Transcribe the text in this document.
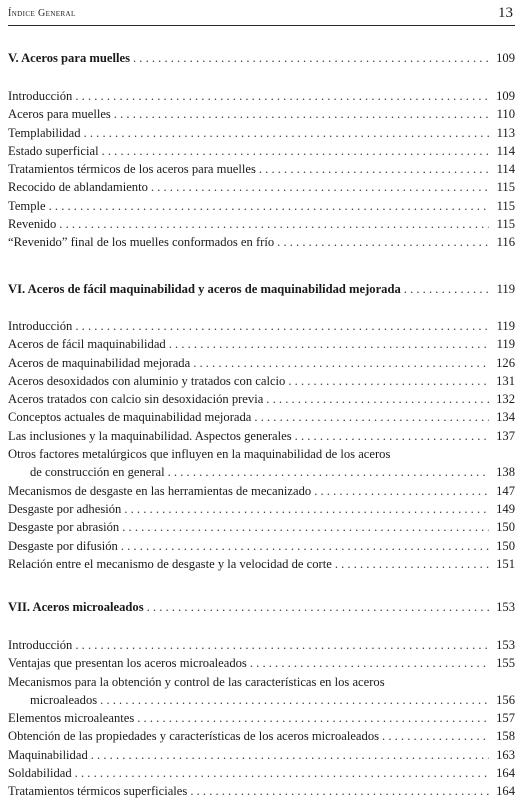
Índice General	13
V. Aceros para muelles . . .	109
Introducción . . .	109
Aceros para muelles . . .	110
Templabilidad . . .	113
Estado superficial . . .	114
Tratamientos térmicos de los aceros para muelles . . .	114
Recocido de ablandamiento . . .	115
Temple . . .	115
Revenido . . .	115
“Revenido” final de los muelles conformados en frío . . .	116
VI. Aceros de fácil maquinabilidad y aceros de maquinabilidad mejorada . . .	119
Introducción . . .	119
Aceros de fácil maquinabilidad . . .	119
Aceros de maquinabilidad mejorada . . .	126
Aceros desoxidados con aluminio y tratados con calcio . . .	131
Aceros tratados con calcio sin desoxidación previa . . .	132
Conceptos actuales de maquinabilidad mejorada . . .	134
Las inclusiones y la maquinabilidad. Aspectos generales . . .	137
Otros factores metalúrgicos que influyen en la maquinabilidad de los aceros
de construcción en general . . .	138
Mecanismos de desgaste en las herramientas de mecanizado . . .	147
Desgaste por adhesión . . .	149
Desgaste por abrasión . . .	150
Desgaste por difusión . . .	150
Relación entre el mecanismo de desgaste y la velocidad de corte . . .	151
VII. Aceros microaleados . . .	153
Introducción . . .	153
Ventajas que presentan los aceros microaleados . . .	155
Mecanismos para la obtención y control de las características en los aceros
microaleados . . .	156
Elementos microaleantes . . .	157
Obtención de las propiedades y características de los aceros microaleados . . .	158
Maquinabilidad . . .	163
Soldabilidad . . .	164
Tratamientos térmicos superficiales . . .	164
